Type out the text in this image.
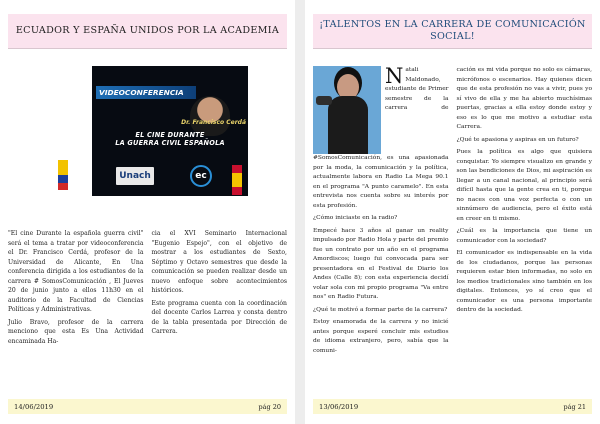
ECUADOR Y ESPAÑA UNIDOS POR LA ACADEMIA
VIDEOCONFERENCIA
Dr. Francisco Cerdá
EL CINE DURANTE
LA GUERRA CIVIL ESPAÑOLA
Unach	ec

"El cine Durante la española guerra civil" será el tema a tratar por videoconferencia el Dr. Francisco Cerdá, profesor de la Universidad de Alicante, En Una conferencia dirigida a los estudiantes de la carrera # SomosComunicación , El Jueves 20 de junio junto a ellos 11h30 en el auditorio de la Facultad de Ciencias Políticas y Administrativas.

Julio Bravo, profesor de la carrera menciono que esta Es Una Actividad encaminada Ha-

cia el XVI Seminario Internacional "Eugenio Espejo", con el objetivo de mostrar a los estudiantes de Sexto, Séptimo y Octavo semestres que desde la comunicación se pueden realizar desde un nuevo enfoque sobre acontecimientos históricos.

Este programa cuenta con la coordinación del docente Carlos Larrea y consta dentro de la tabla presentada por Dirección de Carrera.

14/06/2019	pág 20
¡TALENTOS EN LA CARRERA DE COMUNICACIÓN SOCIAL!

Natali Maldonado, estudiante de Primer semestre de la carrera de #SomosComunicación, es una apasionada por la moda, la comunicación y la política, actualmente labora en Radio La Mega 90.1 en el programa "A punto caramelo". En esta entrevista nos cuenta sobre su interés por esta profesión.

¿Cómo iniciaste en la radio?

Empecé hace 3 años al ganar un reality impulsado por Radio Hola y parte del premio fue un contrato por un año en el programa Amordiscos; luego fui convocada para ser presentadora en el Festival de Diario los Andes (Calle 8); con esta experiencia decidí volar sola con mi propio programa "Va entre nos" en Radio Futura.

¿Qué te motivó a formar parte de la carrera?

Estoy enamorada de la carrera y no inicié antes porque esperé concluir mis estudios de idioma extranjero, pero, sabía que la comuni-

cación es mi vida porque no solo es cámaras, micrófonos o escenarios. Hay quienes dicen que de esta profesión no vas a vivir, pues yo sí vivo de ella y me ha abierto muchísimas puertas, gracias a ella estoy donde estoy y eso es lo que me motivo a estudiar esta Carrera.

¿Qué te apasiona y aspiras en un futuro?

Pues la política es algo que quisiera conquistar. Yo siempre visualizo en grande y son las bendiciones de Dios, mi aspiración es llegar a un canal nacional, al principio será difícil hasta que la gente crea en ti, porque no naces con una voz perfecta o con un sinnúmero de audiencia, pero el éxito está en creer en ti mismo.

¿Cuál es la importancia que tiene un comunicador con la sociedad?

El comunicador es indispensable en la vida de los ciudadanos, porque las personas requieren estar bien informadas, no solo en los medios tradicionales sino también en los digitales. Entonces, yo sí creo que el comunicador es una persona importante dentro de la sociedad.

13/06/2019	pág 21
